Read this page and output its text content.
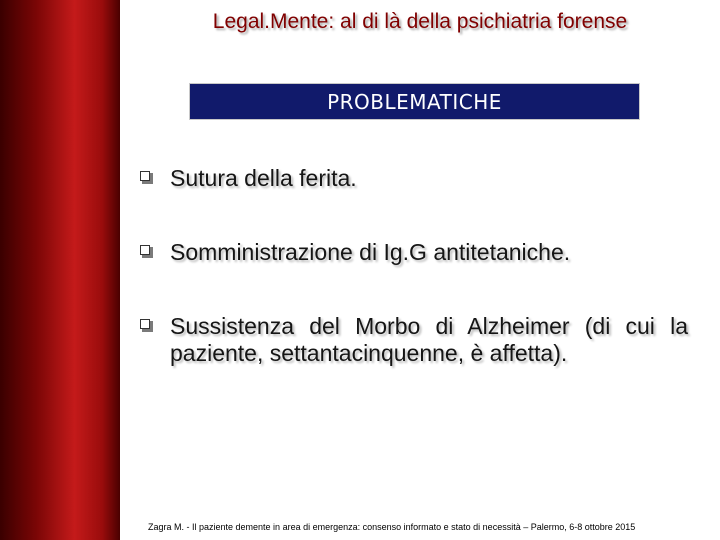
Legal.Mente: al di là della psichiatria forense
PROBLEMATICHE
Sutura della ferita.
Somministrazione di Ig.G antitetaniche.
Sussistenza del Morbo di Alzheimer (di cui la paziente, settantacinquenne, è affetta).
Zagra M. - Il paziente demente in area di emergenza: consenso informato e stato di necessità – Palermo, 6-8 ottobre 2015
